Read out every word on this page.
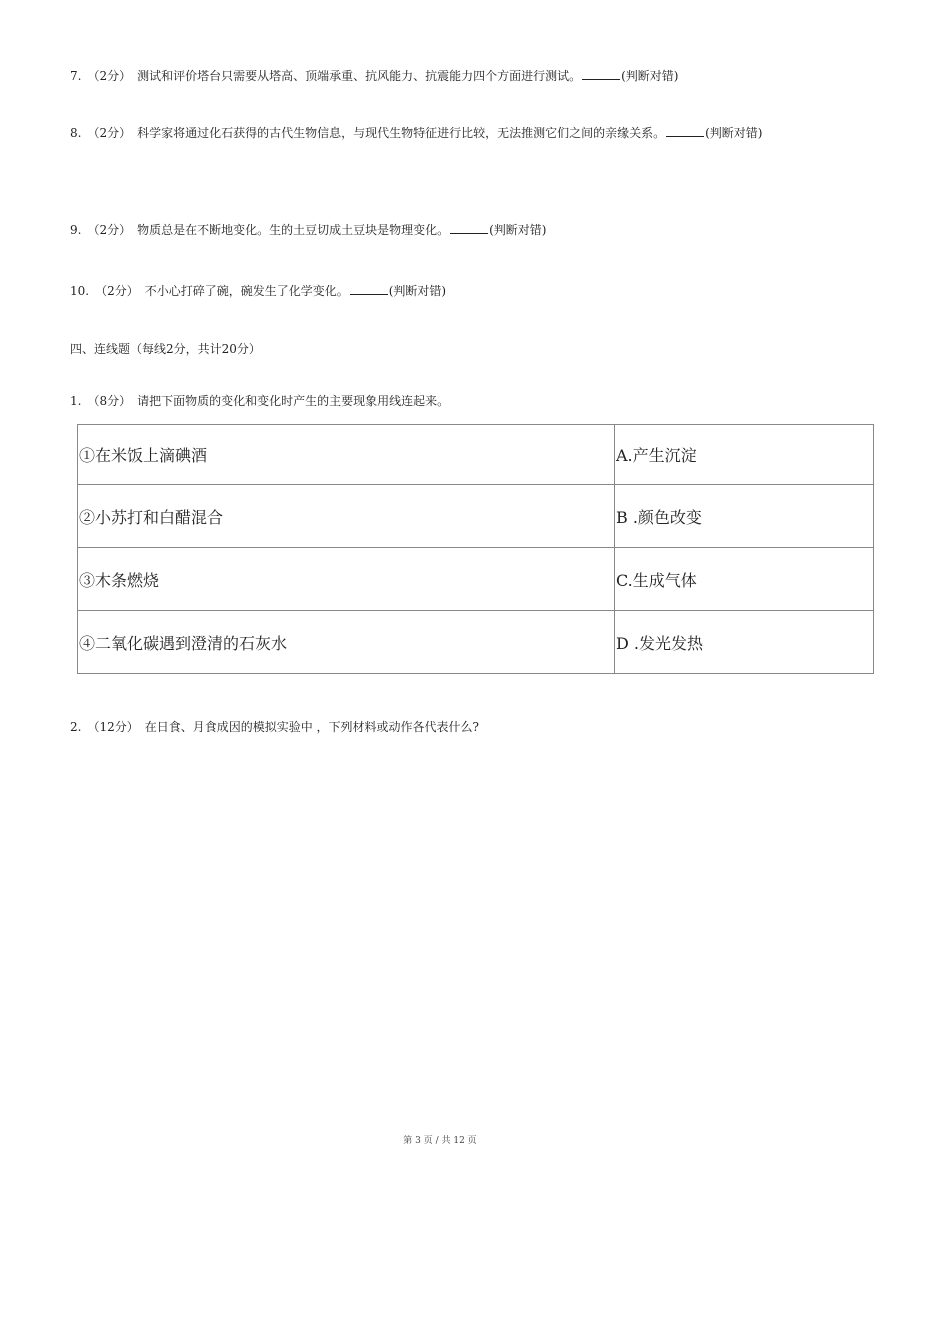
7. （2分） 测试和评价塔台只需要从塔高、顶端承重、抗风能力、抗震能力四个方面进行测试。	(判断对错)
8. （2分） 科学家将通过化石获得的古代生物信息，与现代生物特征进行比较，无法推测它们之间的亲缘关系。	(判断对错)
9. （2分） 物质总是在不断地变化。生的土豆切成土豆块是物理变化。	(判断对错)
10. （2分） 不小心打碎了碗，碗发生了化学变化。	(判断对错)
四、连线题（每线2分，共计20分）
1. （8分） 请把下面物质的变化和变化时产生的主要现象用线连起来。
①在米饭上滴碘酒	A.产生沉淀
②小苏打和白醋混合	B .颜色改变
③木条燃烧	C.生成气体
④二氧化碳遇到澄清的石灰水	D .发光发热
2. （12分） 在日食、月食成因的模拟实验中 ，下列材料或动作各代表什么?
第 3 页 / 共 12 页
